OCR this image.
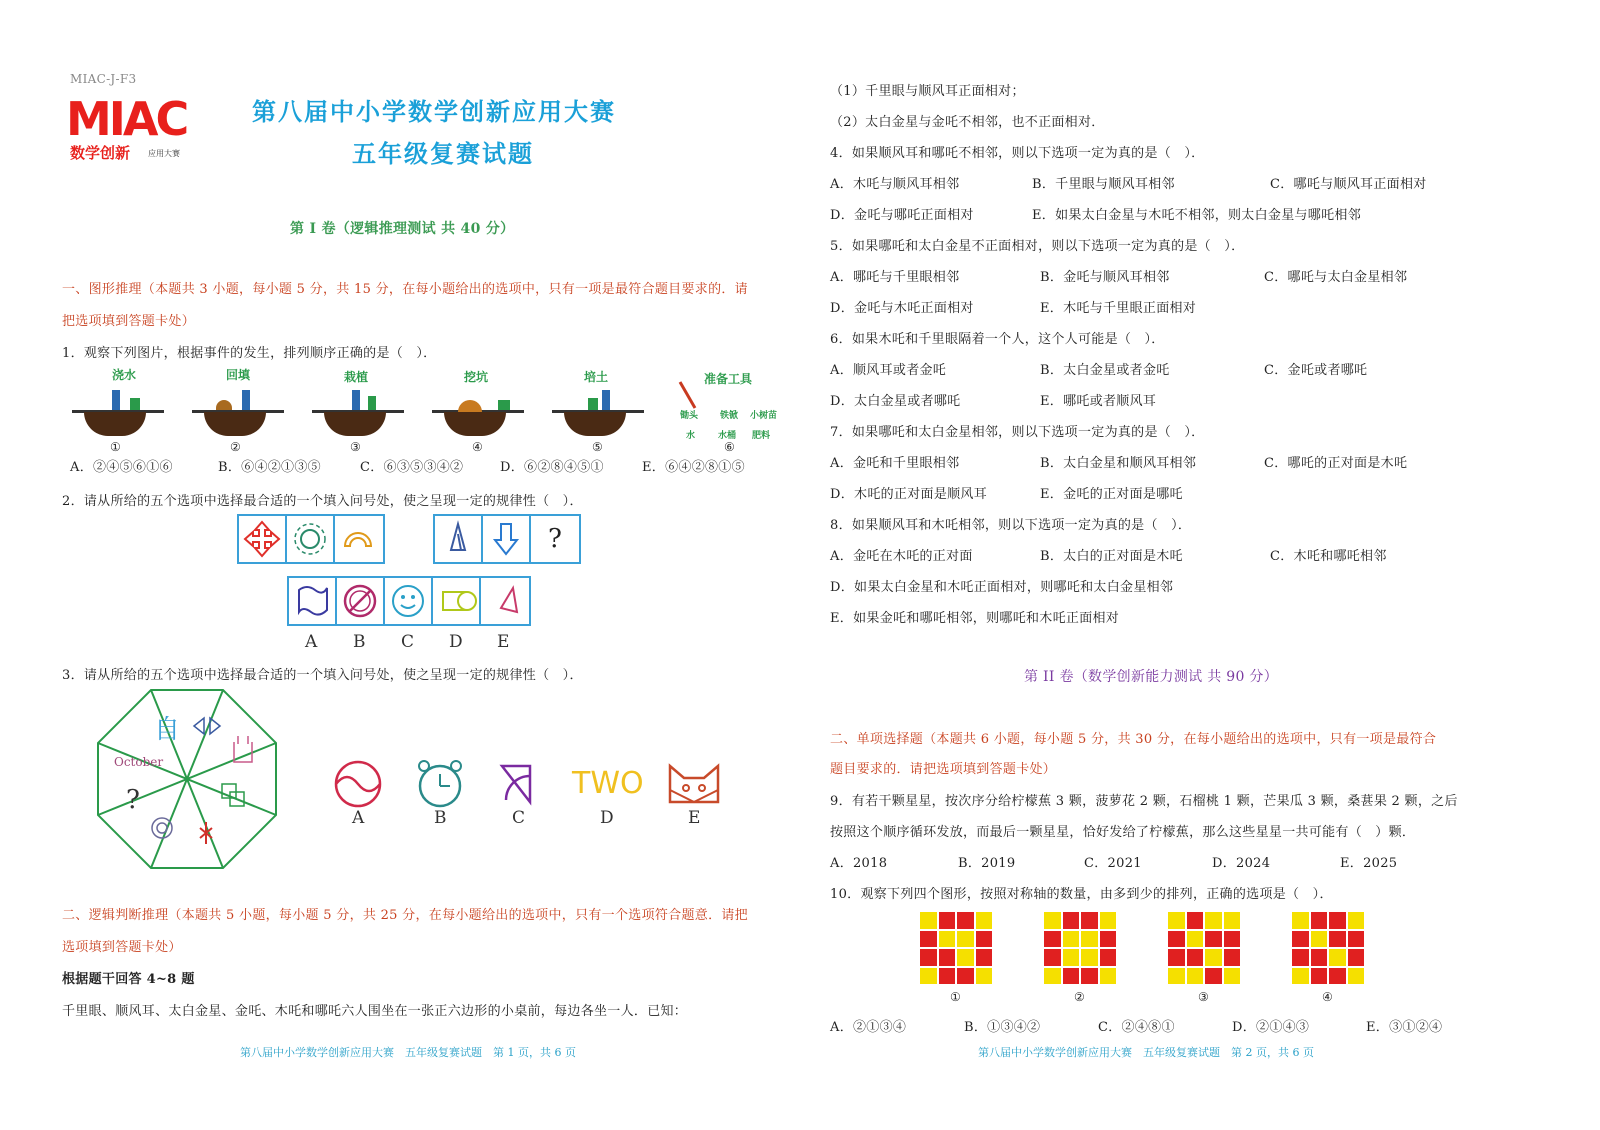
MIAC-J-F3
MIAC
数学创新 应用大赛
第八届中小学数学创新应用大赛
五年级复赛试题
第 I 卷（逻辑推理测试 共 40 分）
一、图形推理（本题共 3 小题，每小题 5 分，共 15 分，在每小题给出的选项中，只有一项是最符合题目要求的．请
把选项填到答题卡处）
1．观察下列图片，根据事件的发生，排列顺序正确的是（　）．
浇水	回填	栽植	挖坑	培土	准备工具
锄头 铁锨 小树苗
水	水桶 肥料
①	②	③	④	⑤	⑥
A．②④⑤⑥①⑥	B．⑥④②①③⑤	C．⑥③⑤③④②	D．⑥②⑧④⑤①	E．⑥④②⑧①⑤
2．请从所给的五个选项中选择最合适的一个填入问号处，使之呈现一定的规律性（　）．
?
A B C D E
3．请从所给的五个选项中选择最合适的一个填入问号处，使之呈现一定的规律性（　）．
自
October
?	TWO
A	B	C	D	E
二、逻辑判断推理（本题共 5 小题，每小题 5 分，共 25 分，在每小题给出的选项中，只有一个选项符合题意．请把
选项填到答题卡处）
根据题干回答 4~8 题
千里眼、顺风耳、太白金星、金吒、木吒和哪吒六人围坐在一张正六边形的小桌前，每边各坐一人．已知：
第八届中小学数学创新应用大赛　五年级复赛试题　第 1 页，共 6 页
（1）千里眼与顺风耳正面相对；
（2）太白金星与金吒不相邻，也不正面相对．
4．如果顺风耳和哪吒不相邻，则以下选项一定为真的是（　）．
A．木吒与顺风耳相邻	B．千里眼与顺风耳相邻	C．哪吒与顺风耳正面相对
D．金吒与哪吒正面相对	E．如果太白金星与木吒不相邻，则太白金星与哪吒相邻
5．如果哪吒和太白金星不正面相对，则以下选项一定为真的是（　）．
A．哪吒与千里眼相邻	B．金吒与顺风耳相邻	C．哪吒与太白金星相邻
D．金吒与木吒正面相对	E．木吒与千里眼正面相对
6．如果木吒和千里眼隔着一个人，这个人可能是（　）．
A．顺风耳或者金吒	B．太白金星或者金吒	C．金吒或者哪吒
D．太白金星或者哪吒	E．哪吒或者顺风耳
7．如果哪吒和太白金星相邻，则以下选项一定为真的是（　）．
A．金吒和千里眼相邻	B．太白金星和顺风耳相邻	C．哪吒的正对面是木吒
D．木吒的正对面是顺风耳	E．金吒的正对面是哪吒
8．如果顺风耳和木吒相邻，则以下选项一定为真的是（　）．
A．金吒在木吒的正对面	B．太白的正对面是木吒	C．木吒和哪吒相邻
D．如果太白金星和木吒正面相对，则哪吒和太白金星相邻
E．如果金吒和哪吒相邻，则哪吒和木吒正面相对
第 II 卷（数学创新能力测试 共 90 分）
二、单项选择题（本题共 6 小题，每小题 5 分，共 30 分，在每小题给出的选项中，只有一项是最符合
题目要求的．请把选项填到答题卡处）
9．有若干颗星星，按次序分给柠檬蕉 3 颗，菠萝花 2 颗，石榴桃 1 颗，芒果瓜 3 颗，桑葚果 2 颗，之后
按照这个顺序循环发放，而最后一颗星星，恰好发给了柠檬蕉，那么这些星星一共可能有（　）颗．
A．2018	B．2019	C．2021	D．2024	E．2025
10．观察下列四个图形，按照对称轴的数量，由多到少的排列，正确的选项是（　）．
①	②	③	④
A．②①③④	B．①③④②	C．②④⑧①	D．②①④③	E．③①②④
第八届中小学数学创新应用大赛　五年级复赛试题　第 2 页，共 6 页
